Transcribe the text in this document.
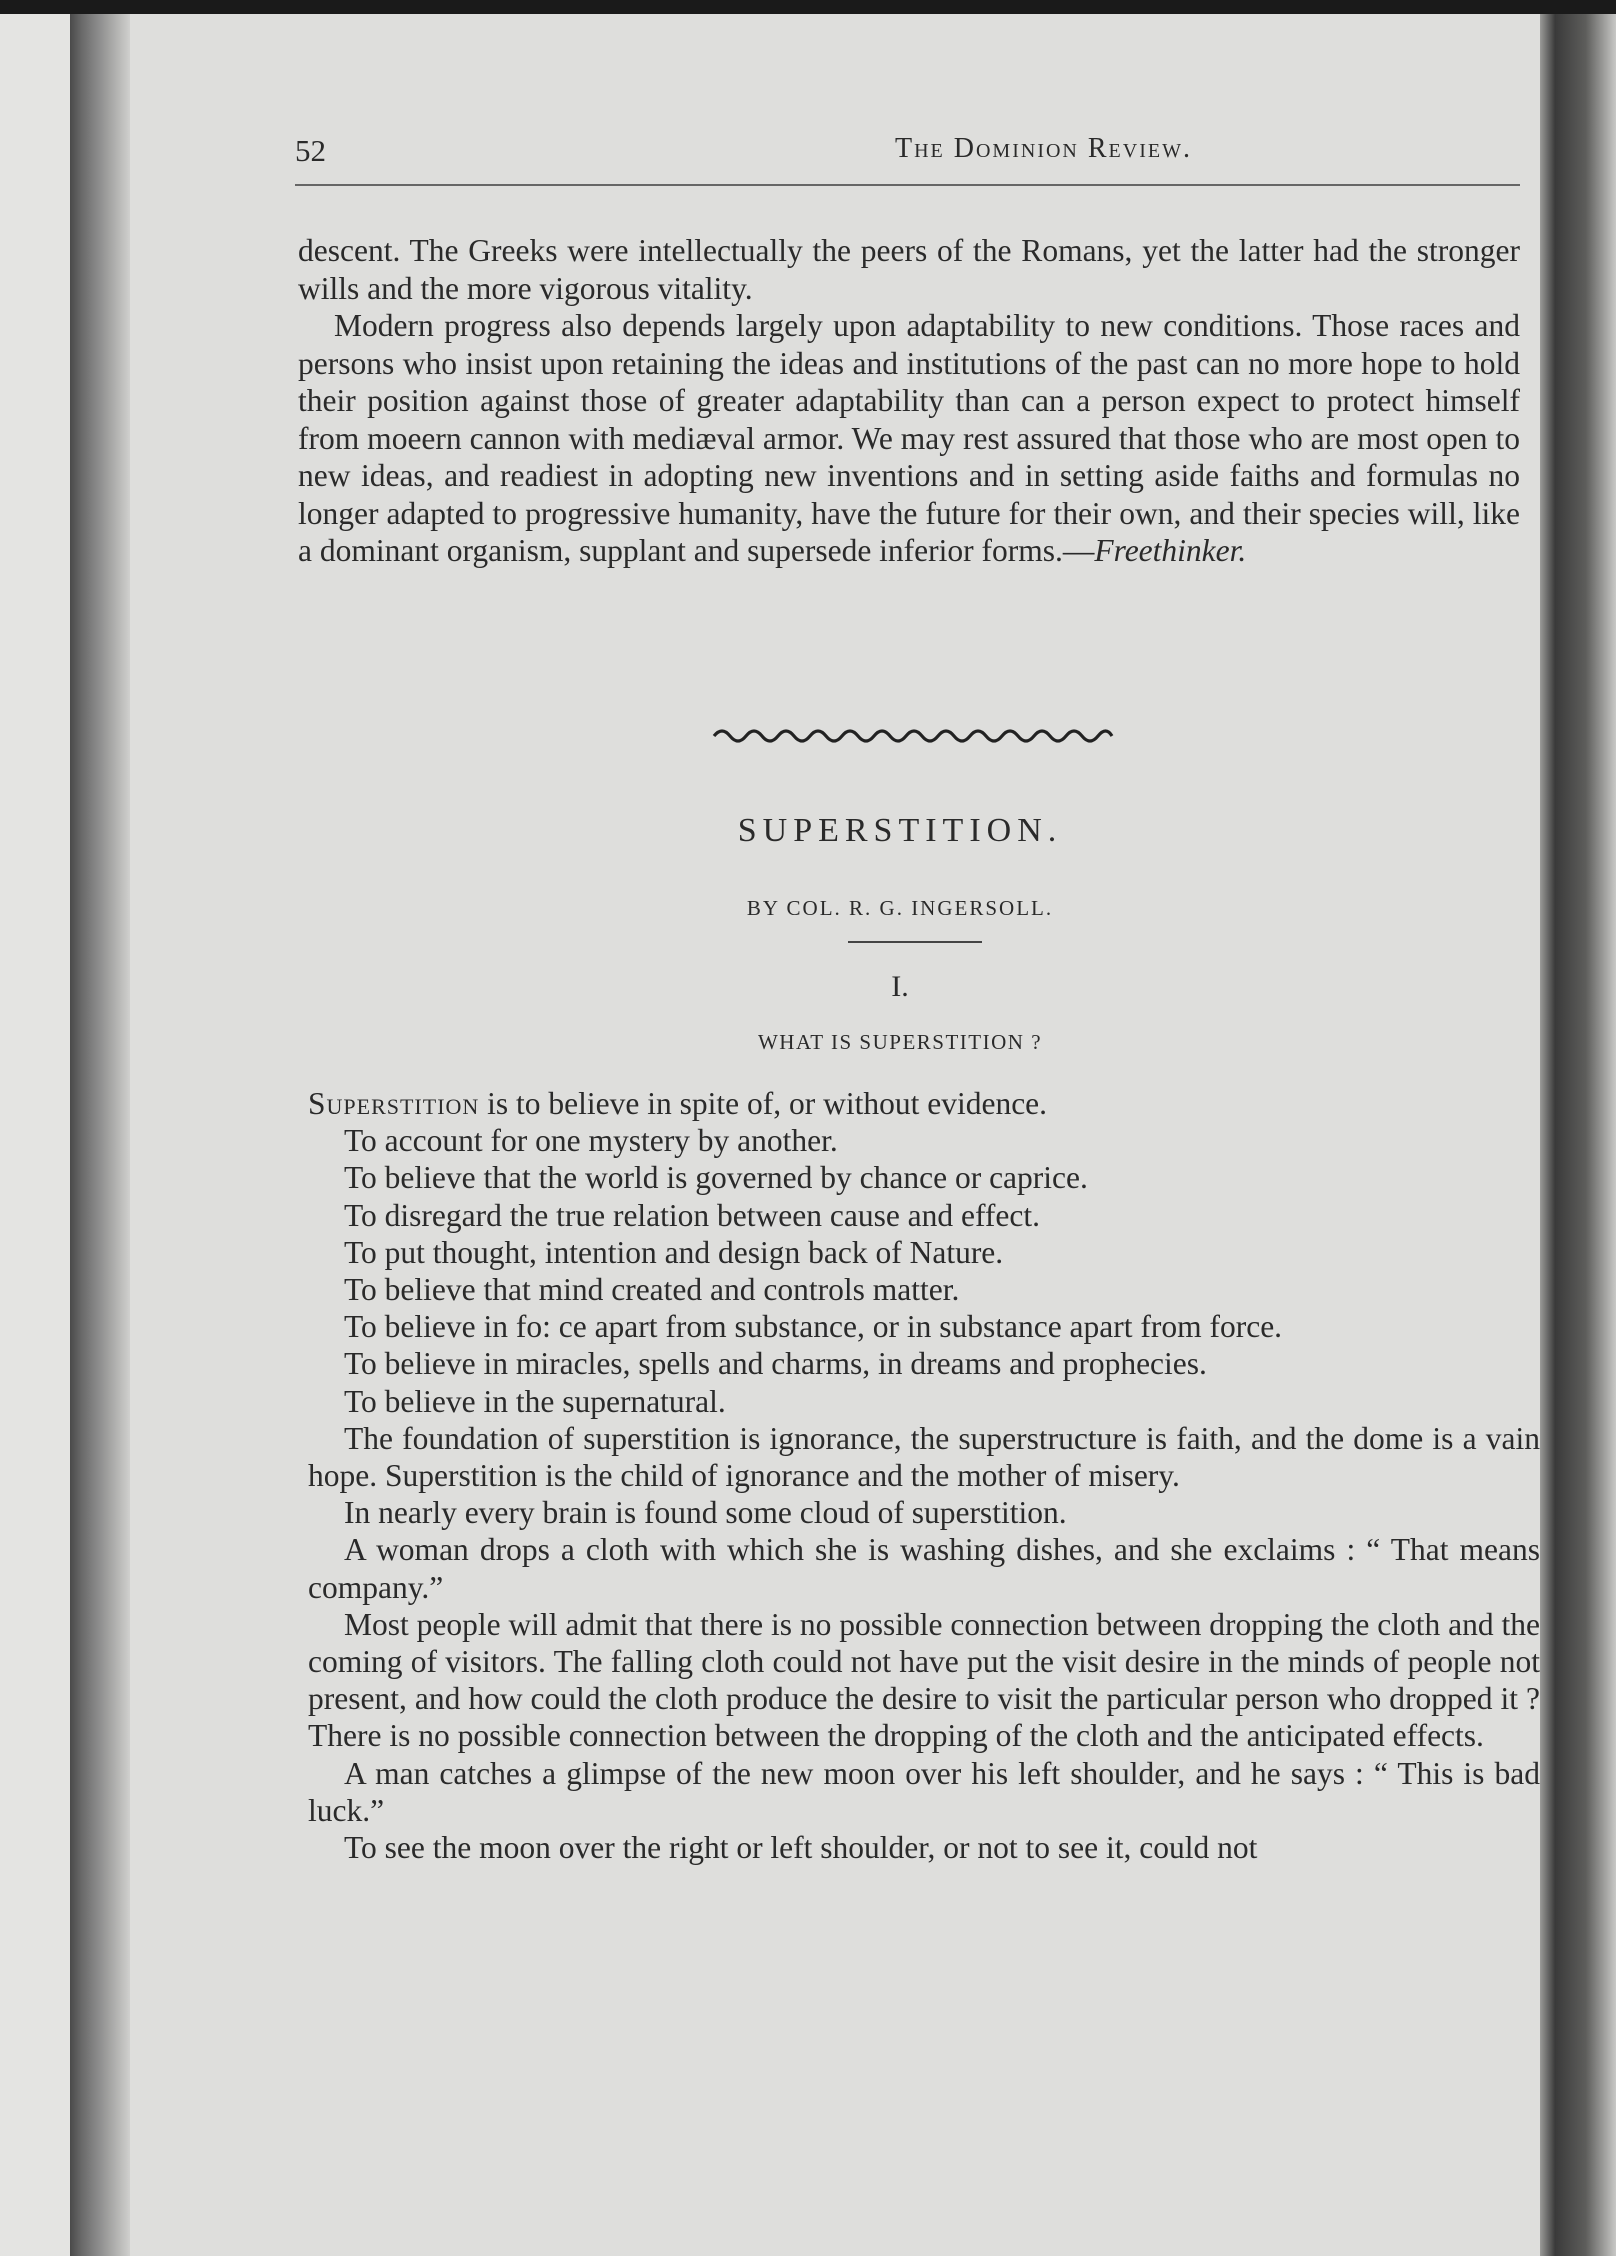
52	The Dominion Review.

descent. The Greeks were intellectually the peers of the Romans, yet the latter had the stronger wills and the more vigorous vitality.

Modern progress also depends largely upon adaptability to new conditions. Those races and persons who insist upon retaining the ideas and institutions of the past can no more hope to hold their position against those of greater adaptability than can a person expect to protect himself from moeern cannon with mediæval armor. We may rest assured that those who are most open to new ideas, and readiest in adopting new inventions and in setting aside faiths and formulas no longer adapted to progressive humanity, have the future for their own, and their species will, like a dominant organism, supplant and supersede inferior forms.—Freethinker.

SUPERSTITION.
BY COL. R. G. INGERSOLL.
I.
WHAT IS SUPERSTITION ?

Superstition is to believe in spite of, or without evidence.

To account for one mystery by another.

To believe that the world is governed by chance or caprice.

To disregard the true relation between cause and effect.

To put thought, intention and design back of Nature.

To believe that mind created and controls matter.

To believe in fo: ce apart from substance, or in substance apart from force.

To believe in miracles, spells and charms, in dreams and prophecies.

To believe in the supernatural.

The foundation of superstition is ignorance, the superstructure is faith, and the dome is a vain hope. Superstition is the child of ignorance and the mother of misery.

In nearly every brain is found some cloud of superstition.

A woman drops a cloth with which she is washing dishes, and she exclaims : “ That means company.”

Most people will admit that there is no possible connection between dropping the cloth and the coming of visitors. The falling cloth could not have put the visit desire in the minds of people not present, and how could the cloth produce the desire to visit the particular person who dropped it ? There is no possible connection between the dropping of the cloth and the anticipated effects.

A man catches a glimpse of the new moon over his left shoulder, and he says : “ This is bad luck.”

To see the moon over the right or left shoulder, or not to see it, could not
